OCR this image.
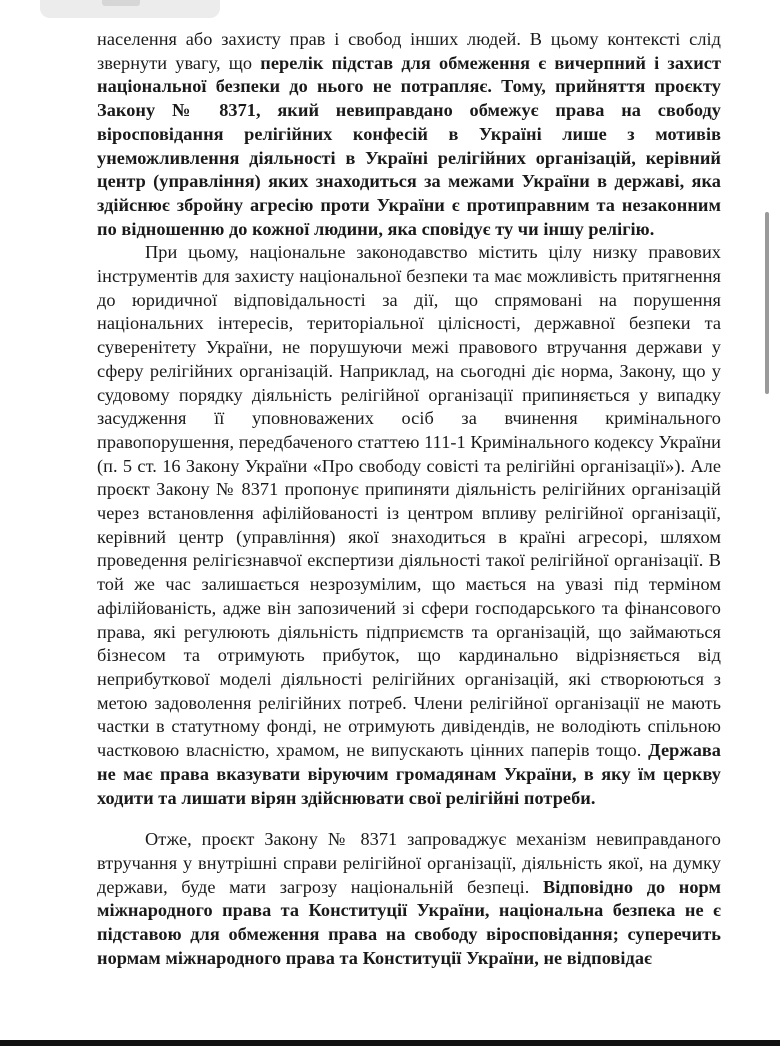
населення або захисту прав і свобод інших людей. В цьому контексті слід звернути увагу, що перелік підстав для обмеження є вичерпний і захист національної безпеки до нього не потрапляє. Тому, прийняття проєкту Закону № 8371, який невиправдано обмежує права на свободу віросповідання релігійних конфесій в Україні лише з мотивів унеможливлення діяльності в Україні релігійних організацій, керівний центр (управління) яких знаходиться за межами України в державі, яка здійснює збройну агресію проти України є протиправним та незаконним по відношенню до кожної людини, яка сповідує ту чи іншу релігію.

При цьому, національне законодавство містить цілу низку правових інструментів для захисту національної безпеки та має можливість притягнення до юридичної відповідальності за дії, що спрямовані на порушення національних інтересів, територіальної цілісності, державної безпеки та суверенітету України, не порушуючи межі правового втручання держави у сферу релігійних організацій. Наприклад, на сьогодні діє норма, Закону, що у судовому порядку діяльність релігійної організації припиняється у випадку засудження її уповноважених осіб за вчинення кримінального правопорушення, передбаченого статтею 111-1 Кримінального кодексу України (п. 5 ст. 16 Закону України «Про свободу совісті та релігійні організації»). Але проєкт Закону № 8371 пропонує припиняти діяльність релігійних організацій через встановлення афілійованості із центром впливу релігійної організації, керівний центр (управління) якої знаходиться в країні агресорі, шляхом проведення релігієзнавчої експертизи діяльності такої релігійної організації. В той же час залишається незрозумілим, що мається на увазі під терміном афілійованість, адже він запозичений зі сфери господарського та фінансового права, які регулюють діяльність підприємств та організацій, що займаються бізнесом та отримують прибуток, що кардинально відрізняється від неприбуткової моделі діяльності релігійних організацій, які створюються з метою задоволення релігійних потреб. Члени релігійної організації не мають частки в статутному фонді, не отримують дивідендів, не володіють спільною частковою власністю, храмом, не випускають цінних паперів тощо. Держава не має права вказувати віруючим громадянам України, в яку їм церкву ходити та лишати вірян здійснювати свої релігійні потреби.

Отже, проєкт Закону № 8371 запроваджує механізм невиправданого втручання у внутрішні справи релігійної організації, діяльність якої, на думку держави, буде мати загрозу національній безпеці. Відповідно до норм міжнародного права та Конституції України, національна безпека не є підставою для обмеження права на свободу віросповідання; суперечить нормам міжнародного права та Конституції України, не відповідає
